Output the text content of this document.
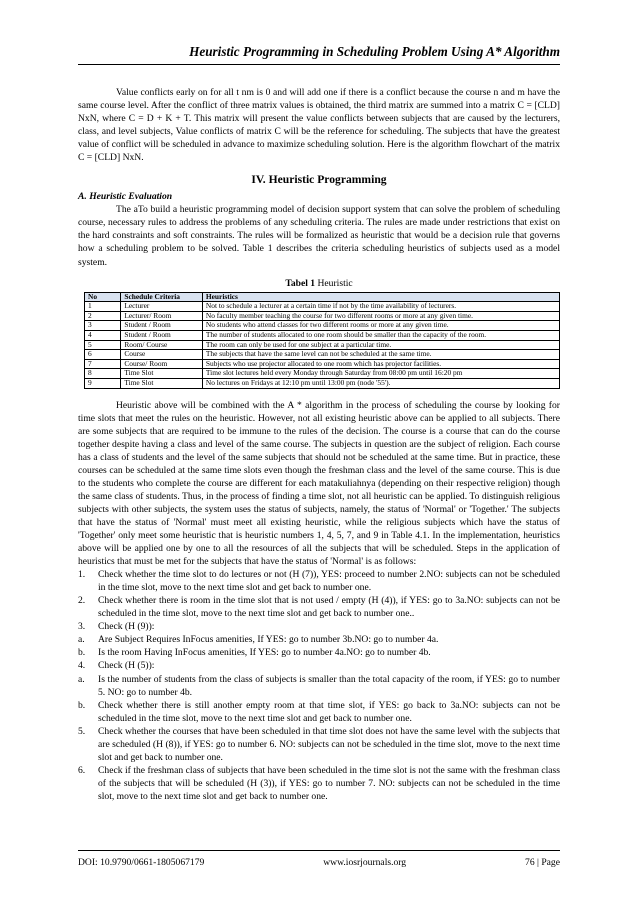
Heuristic Programming in Scheduling Problem Using A* Algorithm

Value conflicts early on for all t nm is 0 and will add one if there is a conflict because the course n and m have the same course level. After the conflict of three matrix values is obtained, the third matrix are summed into a matrix C = [CLD] NxN, where C = D + K + T. This matrix will present the value conflicts between subjects that are caused by the lecturers, class, and level subjects, Value conflicts of matrix C will be the reference for scheduling. The subjects that have the greatest value of conflict will be scheduled in advance to maximize scheduling solution. Here is the algorithm flowchart of the matrix C = [CLD] NxN.

IV. Heuristic Programming

A. Heuristic Evaluation

The aTo build a heuristic programming model of decision support system that can solve the problem of scheduling course, necessary rules to address the problems of any scheduling criteria. The rules are made under restrictions that exist on the hard constraints and soft constraints. The rules will be formalized as heuristic that would be a decision rule that governs how a scheduling problem to be solved. Table 1 describes the criteria scheduling heuristics of subjects used as a model system.

Tabel 1 Heuristic
No	Schedule Criteria	Heuristics
1	Lecturer	Not to schedule a lecturer at a certain time if not by the time availability of lecturers.
2	Lecturer/ Room	No faculty member teaching the course for two different rooms or more at any given time.
3	Student / Room	No students who attend classes for two different rooms or more at any given time.
4	Student / Room	The number of students allocated to one room should be smaller than the capacity of the room.
5	Room/ Course	The room can only be used for one subject at a particular time.
6	Course	The subjects that have the same level can not be scheduled at the same time.
7	Course/ Room	Subjects who use projector allocated to one room which has projector facilities.
8	Time Slot	Time slot lectures held every Monday through Saturday from 08:00 pm until 16:20 pm
9	Time Slot	No lectures on Fridays at 12:10 pm until 13:00 pm (node '55').

Heuristic above will be combined with the A * algorithm in the process of scheduling the course by looking for time slots that meet the rules on the heuristic. However, not all existing heuristic above can be applied to all subjects. There are some subjects that are required to be immune to the rules of the decision. The course is a course that can do the course together despite having a class and level of the same course. The subjects in question are the subject of religion. Each course has a class of students and the level of the same subjects that should not be scheduled at the same time. But in practice, these courses can be scheduled at the same time slots even though the freshman class and the level of the same course. This is due to the students who complete the course are different for each matakuliahnya (depending on their respective religion) though the same class of students. Thus, in the process of finding a time slot, not all heuristic can be applied. To distinguish religious subjects with other subjects, the system uses the status of subjects, namely, the status of 'Normal' or 'Together.' The subjects that have the status of 'Normal' must meet all existing heuristic, while the religious subjects which have the status of 'Together' only meet some heuristic that is heuristic numbers 1, 4, 5, 7, and 9 in Table 4.1. In the implementation, heuristics above will be applied one by one to all the resources of all the subjects that will be scheduled. Steps in the application of heuristics that must be met for the subjects that have the status of 'Normal' is as follows:

1.	Check whether the time slot to do lectures or not (H (7)), YES: proceed to number 2.NO: subjects can not be scheduled in the time slot, move to the next time slot and get back to number one.
2.	Check whether there is room in the time slot that is not used / empty (H (4)), if YES: go to 3a.NO: subjects can not be scheduled in the time slot, move to the next time slot and get back to number one..
3.	Check (H (9)):
a.	Are Subject Requires InFocus amenities, If YES: go to number 3b.NO: go to number 4a.
b.	Is the room Having InFocus amenities, If YES: go to number 4a.NO: go to number 4b.
4.	Check (H (5)):
a.	Is the number of students from the class of subjects is smaller than the total capacity of the room, if YES: go to number 5. NO: go to number 4b.
b.	Check whether there is still another empty room at that time slot, if YES: go back to 3a.NO: subjects can not be scheduled in the time slot, move to the next time slot and get back to number one.
5.	Check whether the courses that have been scheduled in that time slot does not have the same level with the subjects that are scheduled (H (8)), if YES: go to number 6. NO: subjects can not be scheduled in the time slot, move to the next time slot and get back to number one.
6.	Check if the freshman class of subjects that have been scheduled in the time slot is not the same with the freshman class of the subjects that will be scheduled (H (3)), if YES: go to number 7. NO: subjects can not be scheduled in the time slot, move to the next time slot and get back to number one.
DOI: 10.9790/0661-1805067179	www.iosrjournals.org	76 | Page
